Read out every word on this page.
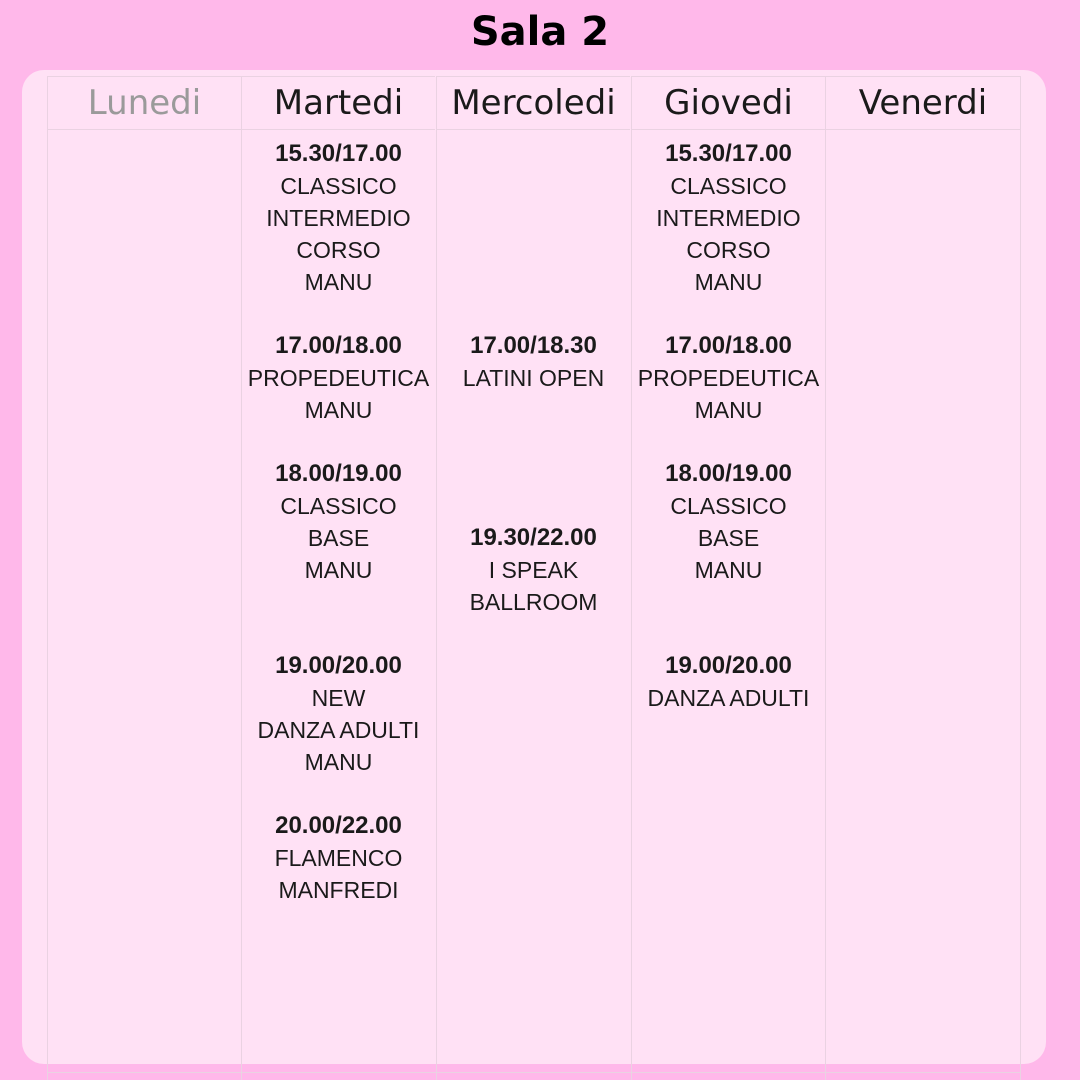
Sala 2
Lunedi	Martedi
15.30/17.00
CLASSICO
INTERMEDIO
CORSO
MANU
17.00/18.00
PROPEDEUTICA
MANU
18.00/19.00
CLASSICO
BASE
MANU
19.00/20.00
NEW
DANZA ADULTI
MANU
20.00/22.00
FLAMENCO
MANFREDI
Mercoledi
17.00/18.30
LATINI OPEN
19.30/22.00
I SPEAK
BALLROOM
Giovedi
15.30/17.00
CLASSICO
INTERMEDIO
CORSO
MANU
17.00/18.00
PROPEDEUTICA
MANU
18.00/19.00
CLASSICO
BASE
MANU
19.00/20.00
DANZA ADULTI
Venerdi
